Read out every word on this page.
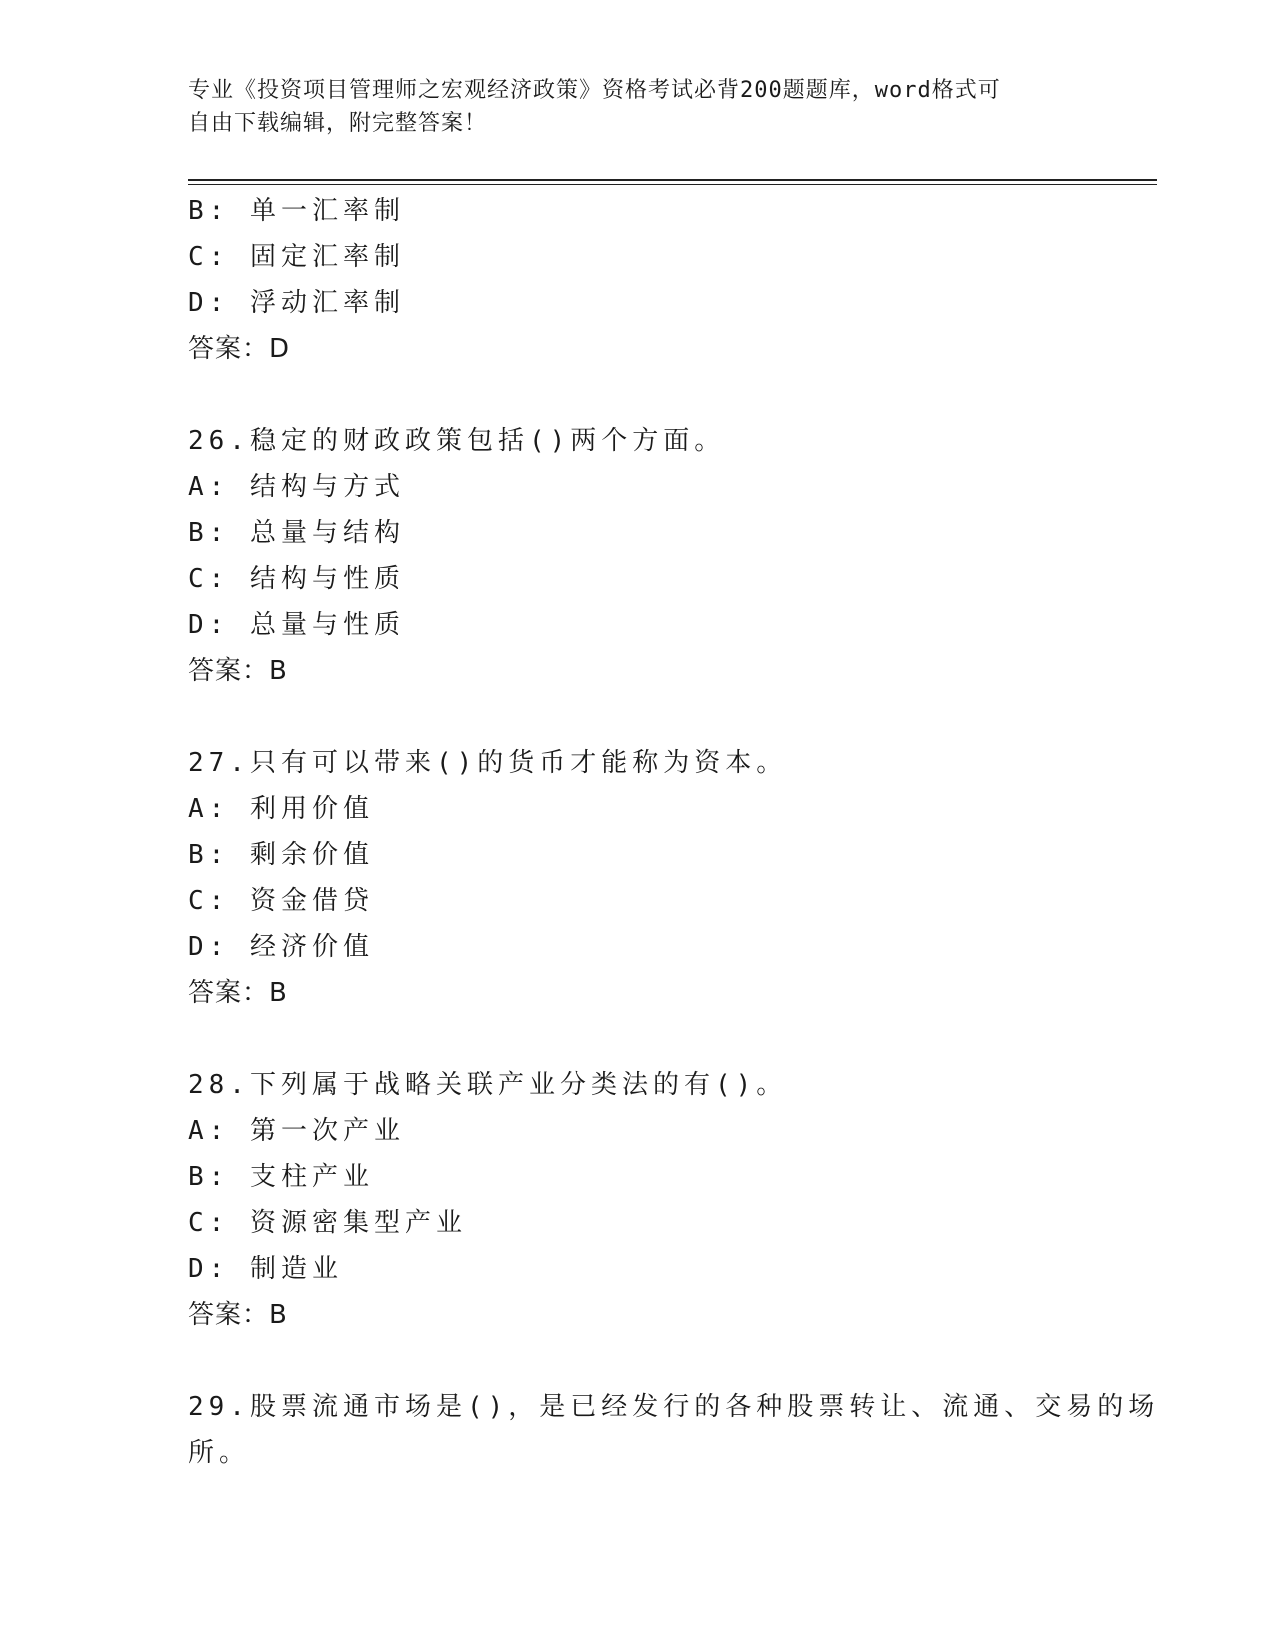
专业《投资项目管理师之宏观经济政策》资格考试必背200题题库，word格式可
自由下载编辑，附完整答案！
B: 单一汇率制
C: 固定汇率制
D: 浮动汇率制
答案：D
26.稳定的财政政策包括()两个方面。
A: 结构与方式
B: 总量与结构
C: 结构与性质
D: 总量与性质
答案：B
27.只有可以带来()的货币才能称为资本。
A: 利用价值
B: 剩余价值
C: 资金借贷
D: 经济价值
答案：B
28.下列属于战略关联产业分类法的有()。
A: 第一次产业
B: 支柱产业
C: 资源密集型产业
D: 制造业
答案：B
29.股票流通市场是()，是已经发行的各种股票转让、流通、交易的场
所。
